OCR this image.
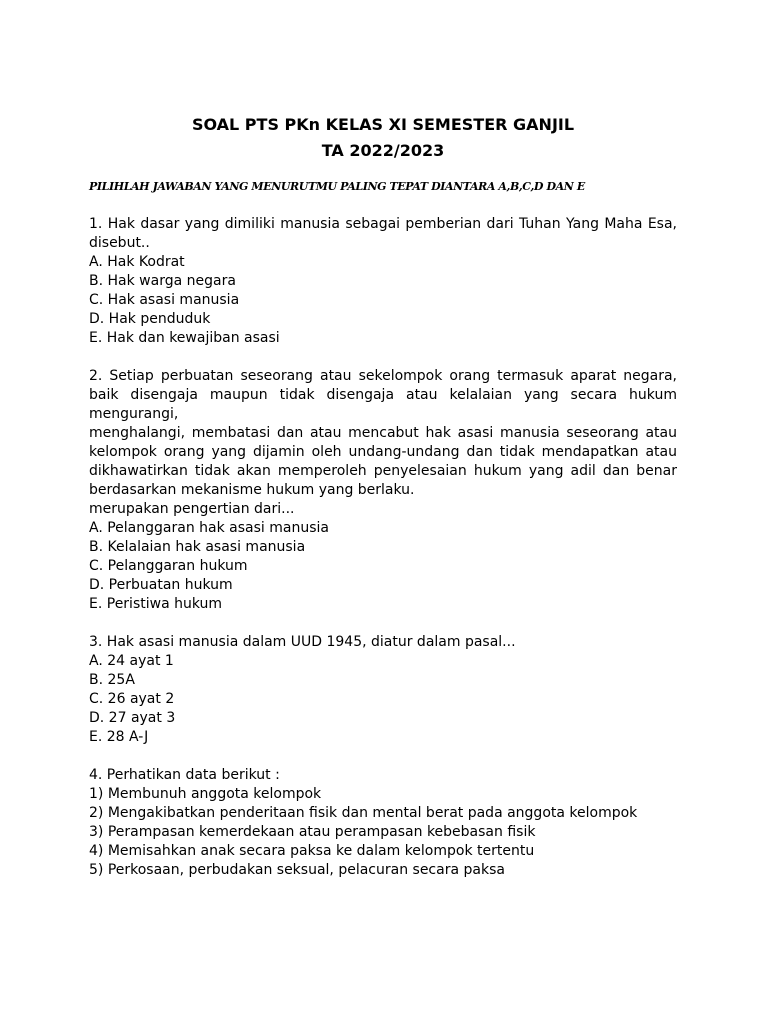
SOAL PTS PKn KELAS XI SEMESTER GANJIL
TA 2022/2023
PILIHLAH JAWABAN YANG MENURUTMU PALING TEPAT DIANTARA A,B,C,D DAN E

1. Hak dasar yang dimiliki manusia sebagai pemberian dari Tuhan Yang Maha Esa, disebut..

A. Hak Kodrat
B. Hak warga negara
C. Hak asasi manusia
D. Hak penduduk
E. Hak dan kewajiban asasi

2. Setiap perbuatan seseorang atau sekelompok orang termasuk aparat negara, baik disengaja maupun tidak disengaja atau kelalaian yang secara hukum mengurangi,

menghalangi, membatasi dan atau mencabut hak asasi manusia seseorang atau kelompok orang yang dijamin oleh undang-undang dan tidak mendapatkan atau dikhawatirkan tidak akan memperoleh penyelesaian hukum yang adil dan benar berdasarkan mekanisme hukum yang berlaku.

merupakan pengertian dari...

A. Pelanggaran hak asasi manusia
B. Kelalaian hak asasi manusia
C. Pelanggaran hukum
D. Perbuatan hukum
E. Peristiwa hukum

3. Hak asasi manusia dalam UUD 1945, diatur dalam pasal...

A. 24 ayat 1
B. 25A
C. 26 ayat 2
D. 27 ayat 3
E. 28 A-J

4. Perhatikan data berikut :

1) Membunuh anggota kelompok
2) Mengakibatkan penderitaan fisik dan mental berat pada anggota kelompok
3) Perampasan kemerdekaan atau perampasan kebebasan fisik
4) Memisahkan anak secara paksa ke dalam kelompok tertentu
5) Perkosaan, perbudakan seksual, pelacuran secara paksa
